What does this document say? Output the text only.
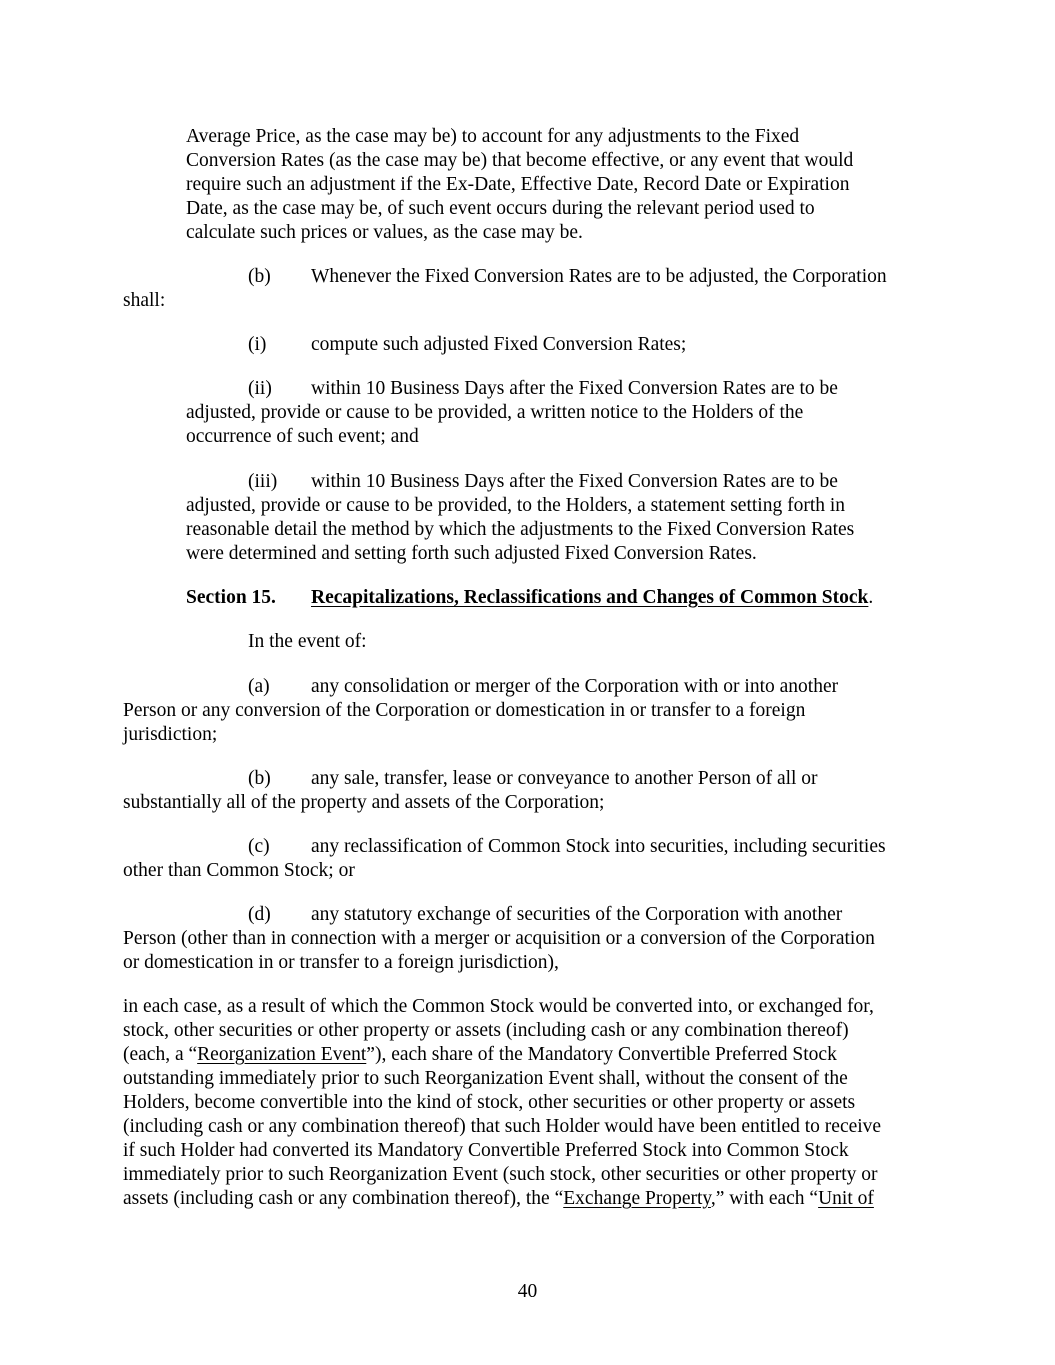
Average Price, as the case may be) to account for any adjustments to the Fixed
Conversion Rates (as the case may be) that become effective, or any event that would
require such an adjustment if the Ex-Date, Effective Date, Record Date or Expiration
Date, as the case may be, of such event occurs during the relevant period used to
calculate such prices or values, as the case may be.
(b) Whenever the Fixed Conversion Rates are to be adjusted, the Corporation
shall:
(i) compute such adjusted Fixed Conversion Rates;
(ii) within 10 Business Days after the Fixed Conversion Rates are to be
adjusted, provide or cause to be provided, a written notice to the Holders of the
occurrence of such event; and
(iii) within 10 Business Days after the Fixed Conversion Rates are to be
adjusted, provide or cause to be provided, to the Holders, a statement setting forth in
reasonable detail the method by which the adjustments to the Fixed Conversion Rates
were determined and setting forth such adjusted Fixed Conversion Rates.
Section 15. Recapitalizations, Reclassifications and Changes of Common Stock.
In the event of:
(a) any consolidation or merger of the Corporation with or into another
Person or any conversion of the Corporation or domestication in or transfer to a foreign
jurisdiction;
(b) any sale, transfer, lease or conveyance to another Person of all or
substantially all of the property and assets of the Corporation;
(c) any reclassification of Common Stock into securities, including securities
other than Common Stock; or
(d) any statutory exchange of securities of the Corporation with another
Person (other than in connection with a merger or acquisition or a conversion of the Corporation
or domestication in or transfer to a foreign jurisdiction),
in each case, as a result of which the Common Stock would be converted into, or exchanged for,
stock, other securities or other property or assets (including cash or any combination thereof)
(each, a “Reorganization Event”), each share of the Mandatory Convertible Preferred Stock
outstanding immediately prior to such Reorganization Event shall, without the consent of the
Holders, become convertible into the kind of stock, other securities or other property or assets
(including cash or any combination thereof) that such Holder would have been entitled to receive
if such Holder had converted its Mandatory Convertible Preferred Stock into Common Stock
immediately prior to such Reorganization Event (such stock, other securities or other property or
assets (including cash or any combination thereof), the “Exchange Property,” with each “Unit of
40
